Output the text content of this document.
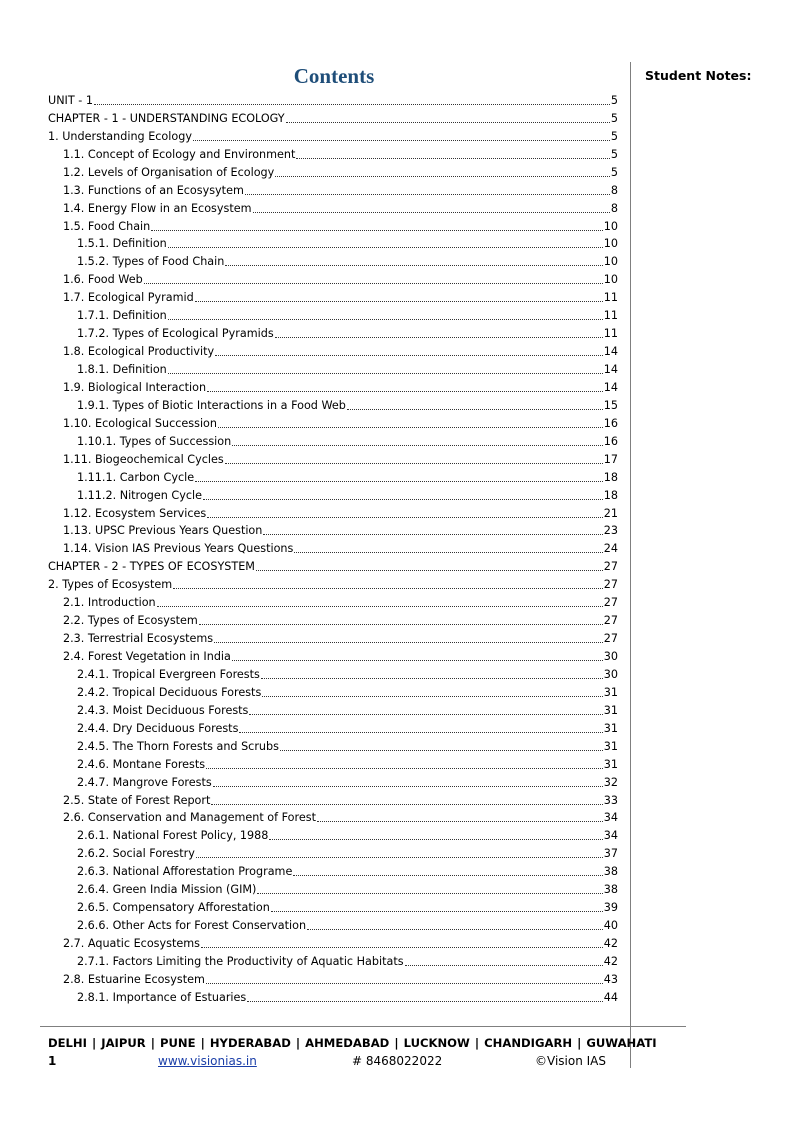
Student Notes:
Contents
UNIT - 1	5
CHAPTER - 1 - UNDERSTANDING ECOLOGY	5
1. Understanding Ecology	5
1.1. Concept of Ecology and Environment	5
1.2. Levels of Organisation of Ecology	5
1.3. Functions of an Ecosysytem	8
1.4. Energy Flow in an Ecosystem	8
1.5. Food Chain	10
1.5.1. Definition	10
1.5.2. Types of Food Chain	10
1.6. Food Web	10
1.7. Ecological Pyramid	11
1.7.1. Definition	11
1.7.2. Types of Ecological Pyramids	11
1.8. Ecological Productivity	14
1.8.1. Definition	14
1.9. Biological Interaction	14
1.9.1. Types of Biotic Interactions in a Food Web	15
1.10. Ecological Succession	16
1.10.1. Types of Succession	16
1.11. Biogeochemical Cycles	17
1.11.1. Carbon Cycle	18
1.11.2. Nitrogen Cycle	18
1.12. Ecosystem Services	21
1.13. UPSC Previous Years Question	23
1.14. Vision IAS Previous Years Questions	24
CHAPTER - 2 - TYPES OF ECOSYSTEM	27
2. Types of Ecosystem	27
2.1. Introduction	27
2.2. Types of Ecosystem	27
2.3. Terrestrial Ecosystems	27
2.4. Forest Vegetation in India	30
2.4.1. Tropical Evergreen Forests	30
2.4.2. Tropical Deciduous Forests	31
2.4.3. Moist Deciduous Forests	31
2.4.4. Dry Deciduous Forests	31
2.4.5. The Thorn Forests and Scrubs	31
2.4.6. Montane Forests	31
2.4.7. Mangrove Forests	32
2.5. State of Forest Report	33
2.6. Conservation and Management of Forest	34
2.6.1. National Forest Policy, 1988	34
2.6.2. Social Forestry	37
2.6.3. National Afforestation Programe	38
2.6.4. Green India Mission (GIM)	38
2.6.5. Compensatory Afforestation	39
2.6.6. Other Acts for Forest Conservation	40
2.7. Aquatic Ecosystems	42
2.7.1. Factors Limiting the Productivity of Aquatic Habitats	42
2.8. Estuarine Ecosystem	43
2.8.1. Importance of Estuaries	44
DELHI | JAIPUR | PUNE | HYDERABAD | AHMEDABAD | LUCKNOW | CHANDIGARH | GUWAHATI
1	www.visionias.in	# 8468022022	©Vision IAS
